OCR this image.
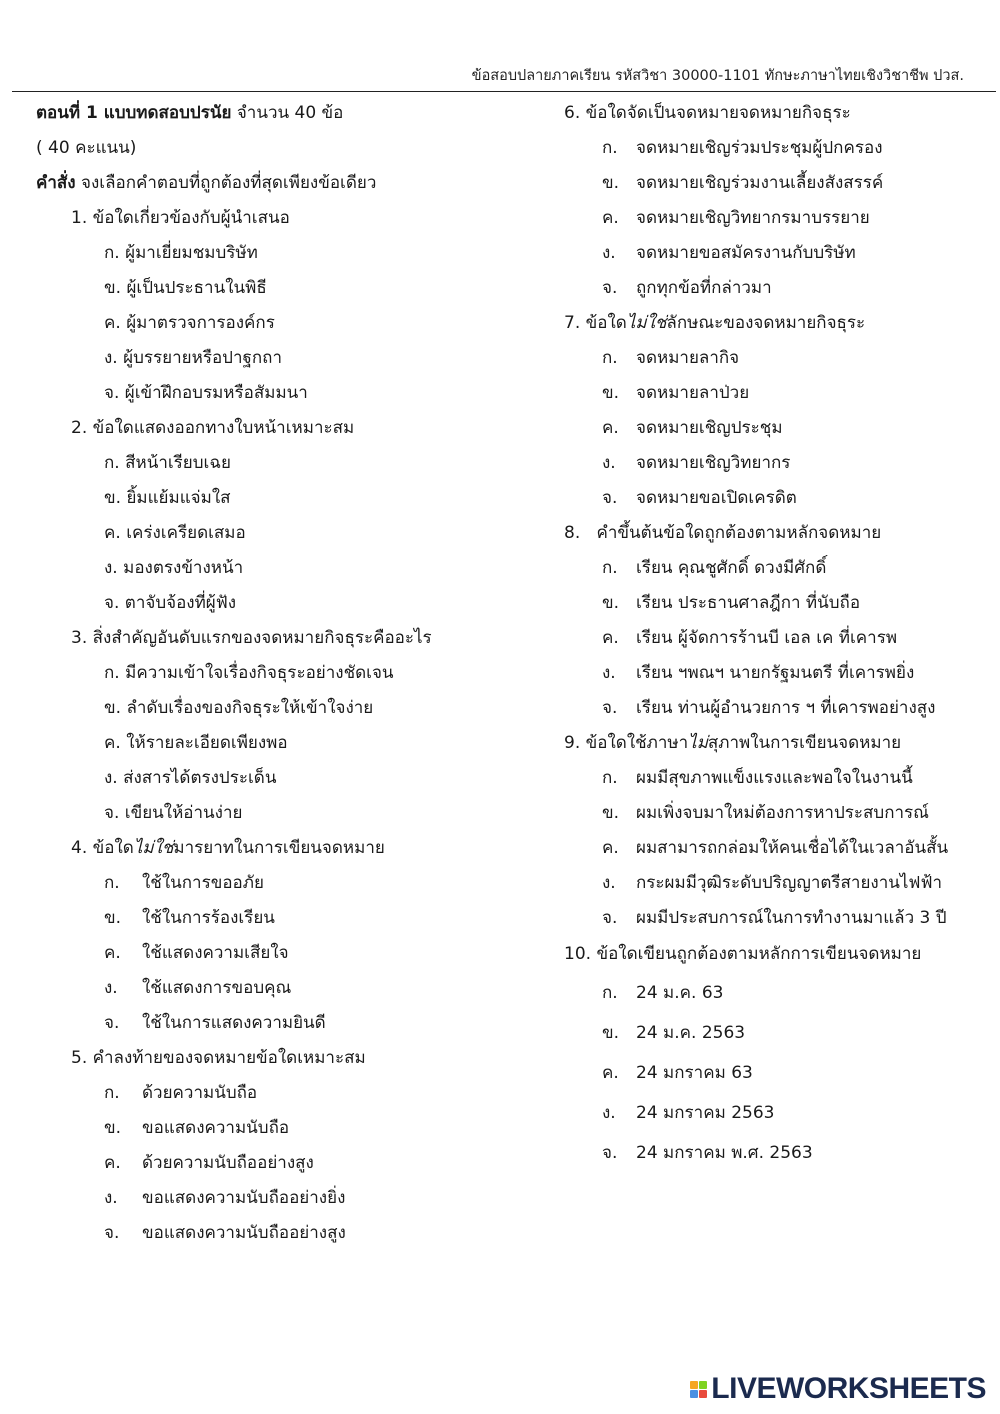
ข้อสอบปลายภาคเรียน รหัสวิชา 30000-1101 ทักษะภาษาไทยเชิงวิชาชีพ ปวส.
ตอนที่ 1 แบบทดสอบปรนัย จำนวน 40 ข้อ
( 40 คะแนน)
คำสั่ง จงเลือกคำตอบที่ถูกต้องที่สุดเพียงข้อเดียว
1. ข้อใดเกี่ยวข้องกับผู้นำเสนอ
ก. ผู้มาเยี่ยมชมบริษัท
ข. ผู้เป็นประธานในพิธี
ค. ผู้มาตรวจการองค์กร
ง. ผู้บรรยายหรือปาฐกถา
จ. ผู้เข้าฝึกอบรมหรือสัมมนา
2. ข้อใดแสดงออกทางใบหน้าเหมาะสม
ก. สีหน้าเรียบเฉย
ข. ยิ้มแย้มแจ่มใส
ค. เคร่งเครียดเสมอ
ง. มองตรงข้างหน้า
จ. ตาจับจ้องที่ผู้ฟัง
3. สิ่งสำคัญอันดับแรกของจดหมายกิจธุระคืออะไร
ก. มีความเข้าใจเรื่องกิจธุระอย่างชัดเจน
ข. ลำดับเรื่องของกิจธุระให้เข้าใจง่าย
ค. ให้รายละเอียดเพียงพอ
ง. ส่งสารได้ตรงประเด็น
จ. เขียนให้อ่านง่าย
4. ข้อใดไม่ใช่มารยาทในการเขียนจดหมาย
ก. ใช้ในการขออภัย
ข. ใช้ในการร้องเรียน
ค. ใช้แสดงความเสียใจ
ง. ใช้แสดงการขอบคุณ
จ. ใช้ในการแสดงความยินดี
5. คำลงท้ายของจดหมายข้อใดเหมาะสม
ก. ด้วยความนับถือ
ข. ขอแสดงความนับถือ
ค. ด้วยความนับถืออย่างสูง
ง. ขอแสดงความนับถืออย่างยิ่ง
จ. ขอแสดงความนับถืออย่างสูง
6. ข้อใดจัดเป็นจดหมายจดหมายกิจธุระ
ก. จดหมายเชิญร่วมประชุมผู้ปกครอง
ข. จดหมายเชิญร่วมงานเลี้ยงสังสรรค์
ค. จดหมายเชิญวิทยากรมาบรรยาย
ง. จดหมายขอสมัครงานกับบริษัท
จ. ถูกทุกข้อที่กล่าวมา
7. ข้อใดไม่ใช่ลักษณะของจดหมายกิจธุระ
ก. จดหมายลากิจ
ข. จดหมายลาป่วย
ค. จดหมายเชิญประชุม
ง. จดหมายเชิญวิทยากร
จ. จดหมายขอเปิดเครดิต
8. คำขึ้นต้นข้อใดถูกต้องตามหลักจดหมาย
ก. เรียน คุณชูศักดิ์ ดวงมีศักดิ์
ข. เรียน ประธานศาลฎีกา ที่นับถือ
ค. เรียน ผู้จัดการร้านบี เอล เค ที่เคารพ
ง. เรียน ฯพณฯ นายกรัฐมนตรี ที่เคารพยิ่ง
จ. เรียน ท่านผู้อำนวยการ ฯ ที่เคารพอย่างสูง
9. ข้อใดใช้ภาษาไม่สุภาพในการเขียนจดหมาย
ก. ผมมีสุขภาพแข็งแรงและพอใจในงานนี้
ข. ผมเพิ่งจบมาใหม่ต้องการหาประสบการณ์
ค. ผมสามารถกล่อมให้คนเชื่อได้ในเวลาอันสั้น
ง. กระผมมีวุฒิระดับปริญญาตรีสายงานไฟฟ้า
จ. ผมมีประสบการณ์ในการทำงานมาแล้ว 3 ปี
10. ข้อใดเขียนถูกต้องตามหลักการเขียนจดหมาย
ก. 24 ม.ค. 63
ข. 24 ม.ค. 2563
ค. 24 มกราคม 63
ง. 24 มกราคม 2563
จ. 24 มกราคม พ.ศ. 2563
LIVEWORKSHEETS
